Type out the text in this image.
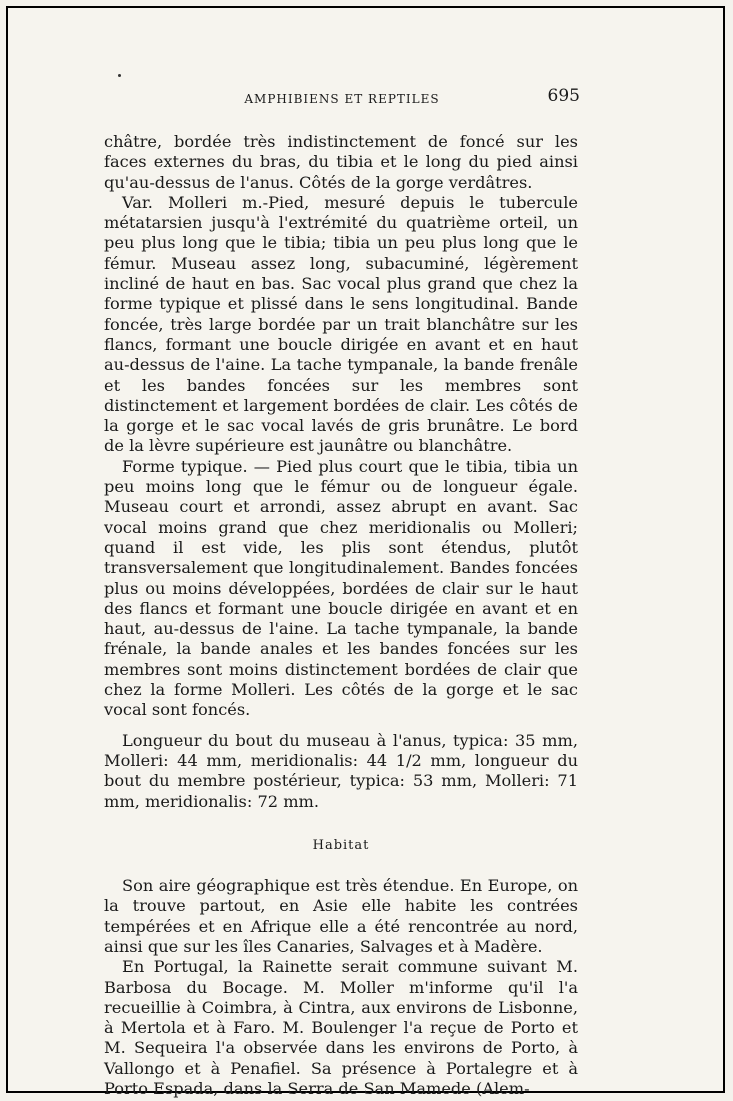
AMPHIBIENS ET REPTILES	695

châtre, bordée très indistinctement de foncé sur les faces externes du bras, du tibia et le long du pied ainsi qu'au-dessus de l'anus. Côtés de la gorge verdâtres.

Var. Molleri m.-Pied, mesuré depuis le tubercule métatarsien jusqu'à l'extrémité du quatrième orteil, un peu plus long que le tibia; tibia un peu plus long que le fémur. Museau assez long, subacuminé, légèrement incliné de haut en bas. Sac vocal plus grand que chez la forme typique et plissé dans le sens longitudinal. Bande foncée, très large bordée par un trait blanchâtre sur les flancs, formant une boucle dirigée en avant et en haut au-dessus de l'aine. La tache tympanale, la bande frenâle et les bandes foncées sur les membres sont distinctement et largement bordées de clair. Les côtés de la gorge et le sac vocal lavés de gris brunâtre. Le bord de la lèvre supérieure est jaunâtre ou blanchâtre.

Forme typique. — Pied plus court que le tibia, tibia un peu moins long que le fémur ou de longueur égale. Museau court et arrondi, assez abrupt en avant. Sac vocal moins grand que chez meridionalis ou Molleri; quand il est vide, les plis sont étendus, plutôt transversalement que longitudinalement. Bandes foncées plus ou moins développées, bordées de clair sur le haut des flancs et formant une boucle dirigée en avant et en haut, au-dessus de l'aine. La tache tympanale, la bande frénale, la bande anales et les bandes foncées sur les membres sont moins distinctement bordées de clair que chez la forme Molleri. Les côtés de la gorge et le sac vocal sont foncés.

Longueur du bout du museau à l'anus, typica: 35 mm, Molleri: 44 mm, meridionalis: 44 1/2 mm, longueur du bout du membre postérieur, typica: 53 mm, Molleri: 71 mm, meridionalis: 72 mm.

Habitat

Son aire géographique est très étendue. En Europe, on la trouve partout, en Asie elle habite les contrées tempérées et en Afrique elle a été rencontrée au nord, ainsi que sur les îles Canaries, Salvages et à Madère.

En Portugal, la Rainette serait commune suivant M. Barbosa du Bocage. M. Moller m'informe qu'il l'a recueillie à Coimbra, à Cintra, aux environs de Lisbonne, à Mertola et à Faro. M. Boulenger l'a reçue de Porto et M. Sequeira l'a observée dans les environs de Porto, à Vallongo et à Penafiel. Sa présence à Portalegre et à Porto Espada, dans la Serra de San Mamede (Alem-
